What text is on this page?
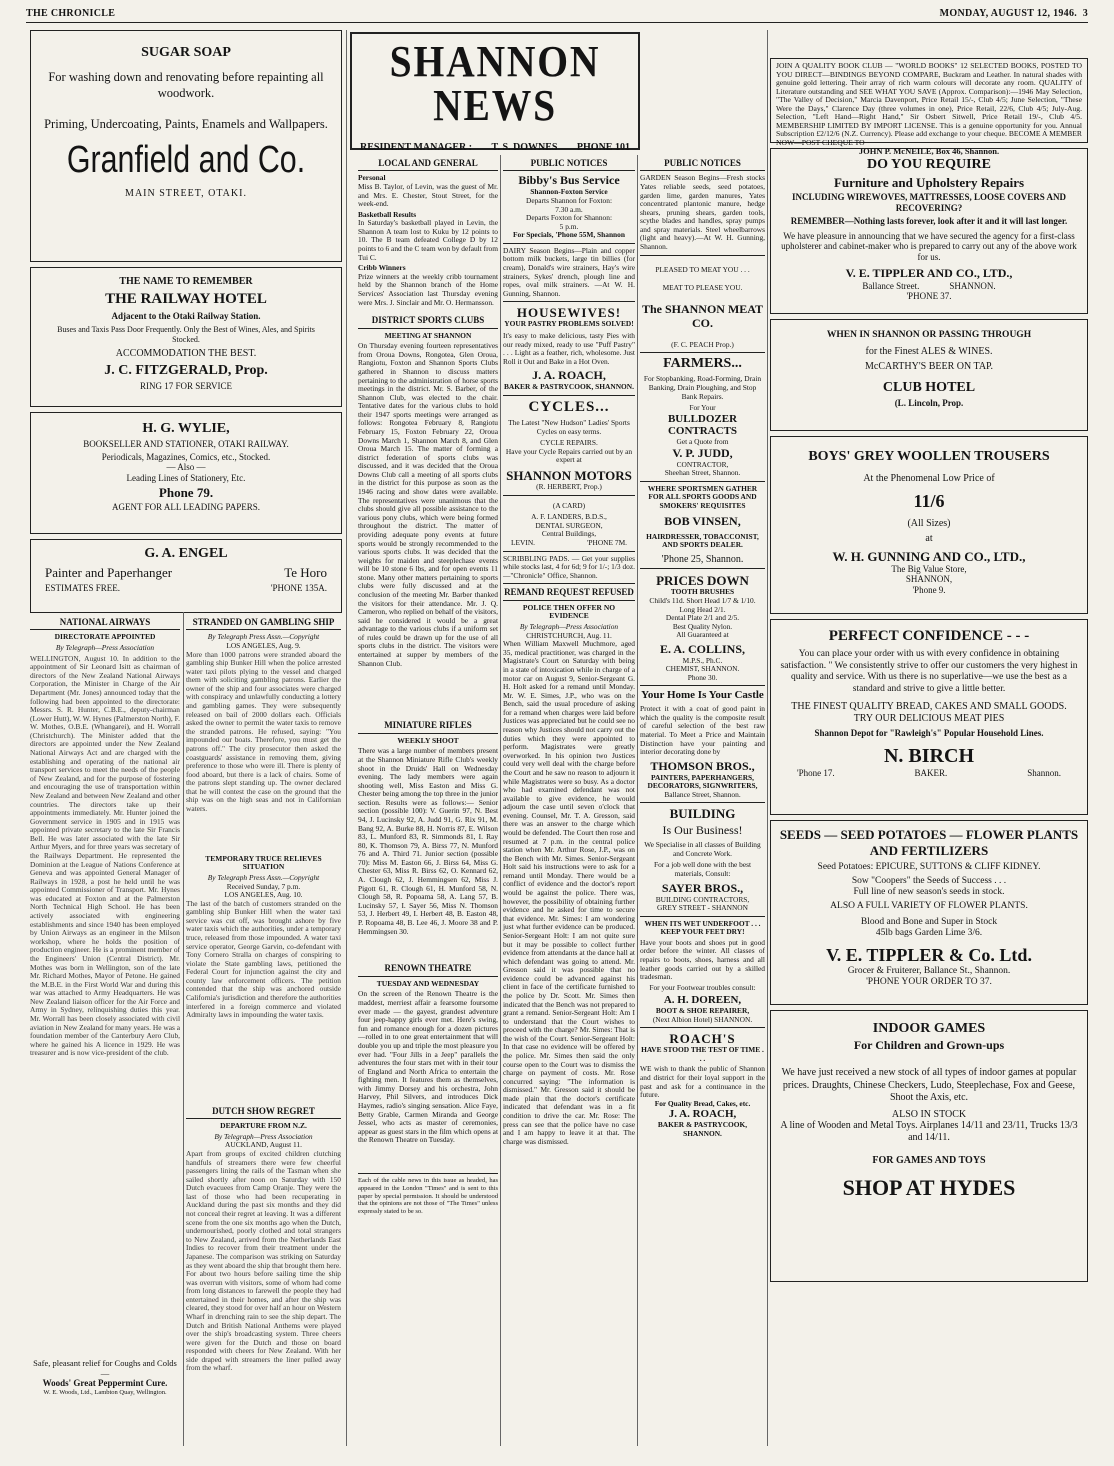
THE CHRONICLE	MONDAY, AUGUST 12, 1946. 3
SUGAR SOAP
For washing down and renovating before repainting all woodwork.
Priming, Undercoating, Paints, Enamels and Wallpapers.
Granfield and Co.
MAIN STREET, OTAKI.
THE NAME TO REMEMBER
THE RAILWAY HOTEL
Adjacent to the Otaki Railway Station.
Buses and Taxis Pass Door Frequently. Only the Best of Wines, Ales, and Spirits Stocked.
ACCOMMODATION THE BEST.
J. C. FITZGERALD, Prop.
RING 17 FOR SERVICE
H. G. WYLIE,
BOOKSELLER AND STATIONER, OTAKI RAILWAY.
Periodicals, Magazines, Comics, etc., Stocked.
— Also —
Leading Lines of Stationery, Etc.
Phone 79.
AGENT FOR ALL LEADING PAPERS.
G. A. ENGEL
Painter and Paperhanger	Te Horo
ESTIMATES FREE.	'PHONE 135A.
NATIONAL AIRWAYS
DIRECTORATE APPOINTED
By Telegraph—Press Association
WELLINGTON, August 10. In addition to the appointment of Sir Leonard Isitt as chairman of directors of the New Zealand National Airways Corporation, the Minister in Charge of the Air Department (Mr. Jones) announced today that the following had been appointed to the directorate: Messrs. S. R. Hunter, C.B.E., deputy-chairman (Lower Hutt), W. W. Hynes (Palmerston North), F. W. Mothes, O.B.E. (Whangarei), and H. Worrall (Christchurch). The Minister added that the directors are appointed under the New Zealand National Airways Act and are charged with the establishing and operating of the national air transport services to meet the needs of the people of New Zealand, and for the purpose of fostering and encouraging the use of transportation within New Zealand and between New Zealand and other countries. The directors take up their appointments immediately. Mr. Hunter joined the Government service in 1905 and in 1915 was appointed private secretary to the late Sir Francis Bell. He was later associated with the late Sir Arthur Myers, and for three years was secretary of the Railways Department. He represented the Dominion at the League of Nations Conference at Geneva and was appointed General Manager of Railways in 1928, a post he held until he was appointed Commissioner of Transport. Mr. Hynes was educated at Foxton and at the Palmerston North Technical High School. He has been actively associated with engineering establishments and since 1940 has been employed by Union Airways as an engineer in the Milson workshop, where he holds the position of production engineer. He is a prominent member of the Engineers' Union (Central District). Mr. Mothes was born in Wellington, son of the late Mr. Richard Mothes, Mayor of Petone. He gained the M.B.E. in the First World War and during this war was attached to Army Headquarters. He was New Zealand liaison officer for the Air Force and Army in Sydney, relinquishing duties this year. Mr. Worrall has been closely associated with civil aviation in New Zealand for many years. He was a foundation member of the Canterbury Aero Club, where he gained his A licence in 1929. He was treasurer and is now vice-president of the club.
Safe, pleasant relief for Coughs and Colds—
Woods' Great Peppermint Cure.
W. E. Woods, Ltd., Lambton Quay, Wellington.
STRANDED ON GAMBLING SHIP
By Telegraph Press Assn.—Copyright
LOS ANGELES, Aug. 9.
More than 1000 patrons were stranded aboard the gambling ship Bunker Hill when the police arrested water taxi pilots plying to the vessel and charged them with soliciting gambling patrons. Earlier the owner of the ship and four associates were charged with conspiracy and unlawfully conducting a lottery and gambling games. They were subsequently released on bail of 2000 dollars each. Officials asked the owner to permit the water taxis to remove the stranded patrons. He refused, saying: "You impounded our boats. Therefore, you must get the patrons off." The city prosecutor then asked the coastguards' assistance in removing them, giving preference to those who were ill. There is plenty of food aboard, but there is a lack of chairs. Some of the patrons slept standing up. The owner declared that he will contest the case on the ground that the ship was on the high seas and not in Californian waters.
TEMPORARY TRUCE RELIEVES SITUATION
By Telegraph Press Assn.—Copyright
Received Sunday, 7 p.m.
LOS ANGELES, Aug. 10.
The last of the batch of customers stranded on the gambling ship Bunker Hill when the water taxi service was cut off, was brought ashore by five water taxis which the authorities, under a temporary truce, released from those impounded. A water taxi service operator, George Garvin, co-defendant with Tony Cornero Stralla on charges of conspiring to violate the State gambling laws, petitioned the Federal Court for injunction against the city and county law enforcement officers. The petition contended that the ship was anchored outside California's jurisdiction and therefore the authorities interfered in a foreign commerce and violated Admiralty laws in impounding the water taxis.
DUTCH SHOW REGRET
DEPARTURE FROM N.Z.
By Telegraph—Press Association
AUCKLAND, August 11.
Apart from groups of excited children clutching handfuls of streamers there were few cheerful passengers lining the rails of the Tasman when she sailed shortly after noon on Saturday with 150 Dutch evacuees from Camp Oranje. They were the last of those who had been recuperating in Auckland during the past six months and they did not conceal their regret at leaving. It was a different scene from the one six months ago when the Dutch, undernourished, poorly clothed and total strangers to New Zealand, arrived from the Netherlands East Indies to recover from their treatment under the Japanese. The comparison was striking on Saturday as they went aboard the ship that brought them here. For about two hours before sailing time the ship was overrun with visitors, some of whom had come from long distances to farewell the people they had entertained in their homes, and after the ship was cleared, they stood for over half an hour on Western Wharf in drenching rain to see the ship depart. The Dutch and British National Anthems were played over the ship's broadcasting system. Three cheers were given for the Dutch and those on board responded with cheers for New Zealand. With her side draped with streamers the liner pulled away from the wharf.
SHANNON NEWS
RESIDENT MANAGER : T. S. DOWNES PHONE 101
LOCAL AND GENERAL
Personal
Miss B. Taylor, of Levin, was the guest of Mr. and Mrs. E. Chester, Stout Street, for the week-end.
Basketball Results
In Saturday's basketball played in Levin, the Shannon A team lost to Kuku by 12 points to 10. The B team defeated College D by 12 points to 6 and the C team won by default from Tui C.
Cribb Winners
Prize winners at the weekly cribb tournament held by the Shannon branch of the Home Services' Association last Thursday evening were Mrs. J. Sinclair and Mr. O. Hermansson.
DISTRICT SPORTS CLUBS
MEETING AT SHANNON
On Thursday evening fourteen representatives from Oroua Downs, Rongotea, Glen Oroua, Rangiotu, Foxton and Shannon Sports Clubs gathered in Shannon to discuss matters pertaining to the administration of horse sports meetings in the district. Mr. S. Barber, of the Shannon Club, was elected to the chair. Tentative dates for the various clubs to hold their 1947 sports meetings were arranged as follows: Rongotea February 8, Rangiotu February 15, Foxton February 22, Oroua Downs March 1, Shannon March 8, and Glen Oroua March 15. The matter of forming a district federation of sports clubs was discussed, and it was decided that the Oroua Downs Club call a meeting of all sports clubs in the district for this purpose as soon as the 1946 racing and show dates were available. The representatives were unanimous that the clubs should give all possible assistance to the various pony clubs, which were being formed throughout the district. The matter of providing adequate pony events at future sports would be strongly recommended to the various sports clubs. It was decided that the weights for maiden and steeplechase events will be 10 stone 6 lbs, and for open events 11 stone. Many other matters pertaining to sports clubs were fully discussed and at the conclusion of the meeting Mr. Barber thanked the visitors for their attendance. Mr. J. Q. Cameron, who replied on behalf of the visitors, said he considered it would be a great advantage to the various clubs if a uniform set of rules could be drawn up for the use of all sports clubs in the district. The visitors were entertained at supper by members of the Shannon Club.
MINIATURE RIFLES
WEEKLY SHOOT
There was a large number of members present at the Shannon Miniature Rifle Club's weekly shoot in the Druids' Hall on Wednesday evening. The lady members were again shooting well, Miss Easton and Miss G. Chester being among the top three in the junior section. Results were as follows:— Senior section (possible 100): V. Guerin 97, N. Best 94, J. Lucinsky 92, A. Judd 91, G. Rix 91, M. Bang 92, A. Burke 88, H. Norris 87, E. Wilson 83, L. Munford 83, R. Simmonds 81, I. Ray 80, K. Thomson 79, A. Birss 77, N. Munford 76 and A. Third 71. Junior section (possible 70): Miss M. Easton 66, J. Birss 64, Miss G. Chester 63, Miss R. Birss 62, O. Kennard 62, A. Clough 62, J. Hemmingsen 62, Miss J. Pigott 61, R. Clough 61, H. Munford 58, N. Clough 58, R. Popoama 58, A. Lang 57, B. Lucinsky 57, I. Sayer 56, Miss N. Thomson 53, J. Herbert 49, I. Herbert 48, B. Easton 48, P. Ropoama 48, B. Lee 46, J. Moore 38 and P. Hemmingsen 30.
RENOWN THEATRE
TUESDAY AND WEDNESDAY
On the screen of the Renown Theatre is the maddest, merriest affair a fearsome foursome ever made — the gayest, grandest adventure four jeep-happy girls ever met. Here's swing, fun and romance enough for a dozen pictures—rolled in to one great entertainment that will double you up and triple the most pleasure you ever had. "Four Jills in a Jeep" parallels the adventures the four stars met with in their tour of England and North Africa to entertain the fighting men. It features them as themselves, with Jimmy Dorsey and his orchestra, John Harvey, Phil Silvers, and introduces Dick Haymes, radio's singing sensation. Alice Faye, Betty Grable, Carmen Miranda and George Jessel, who acts as master of ceremonies, appear as guest stars in the film which opens at the Renown Theatre on Tuesday.
Each of the cable news in this issue as headed, has appeared in the London "Times" and is sent to this paper by special permission. It should be understood that the opinions are not those of "The Times" unless expressly stated to be so.
PUBLIC NOTICES
Bibby's Bus Service
Shannon-Foxton Service
Departs Shannon for Foxton:
7.30 a.m.
Departs Foxton for Shannon:
5 p.m.
For Specials, 'Phone 55M, Shannon
DAIRY Season Begins—Plain and copper bottom milk buckets, large tin billies (for cream), Donald's wire strainers, Hay's wire strainers, Sykes' drench, plough line and ropes, oval milk strainers. —At W. H. Gunning, Shannon.
HOUSEWIVES!
YOUR PASTRY PROBLEMS SOLVED!
It's easy to make delicious, tasty Pies with our ready mixed, ready to use "Puff Pastry" . . . Light as a feather, rich, wholesome. Just Roll it Out and Bake in a Hot Oven.
J. A. ROACH,
BAKER & PASTRYCOOK, SHANNON.
CYCLES...
The Latest "New Hudson" Ladies' Sports Cycles on easy terms.
CYCLE REPAIRS.
Have your Cycle Repairs carried out by an expert at
SHANNON MOTORS
(R. HERBERT, Prop.)
(A CARD)
A. F. LANDERS, B.D.S.,
DENTAL SURGEON,
Central Buildings,
LEVIN.	'PHONE 7M.
SCRIBBLING PADS. — Get your supplies while stocks last, 4 for 6d; 9 for 1/-; 1/3 doz.—"Chronicle" Office, Shannon.
REMAND REQUEST REFUSED
POLICE THEN OFFER NO EVIDENCE
By Telegraph—Press Association
CHRISTCHURCH, Aug. 11.
When William Maxwell Muchmore, aged 35, medical practitioner, was charged in the Magistrate's Court on Saturday with being in a state of intoxication while in charge of a motor car on August 9, Senior-Sergeant G. H. Holt asked for a remand until Monday. Mr. W. E. Simes, J.P., who was on the Bench, said the usual procedure of asking for a remand when charges were laid before Justices was appreciated but he could see no reason why Justices should not carry out the duties which they were appointed to perform. Magistrates were greatly overworked. In his opinion two Justices could very well deal with the charge before the Court and he saw no reason to adjourn it while Magistrates were so busy. As a doctor who had examined defendant was not available to give evidence, he would adjourn the case until seven o'clock that evening. Counsel, Mr. T. A. Gresson, said there was an answer to the charge which would be defended. The Court then rose and resumed at 7 p.m. in the central police station when Mr. Arthur Rose, J.P., was on the Bench with Mr. Simes. Senior-Sergeant Holt said his instructions were to ask for a remand until Monday. There would be a conflict of evidence and the doctor's report would be against the police. There was, however, the possibility of obtaining further evidence and he asked for time to secure that evidence. Mr. Simes: I am wondering just what further evidence can be produced. Senior-Sergeant Holt: I am not quite sure but it may be possible to collect further evidence from attendants at the dance hall at which defendant was going to attend. Mr. Gresson said it was possible that no evidence could be advanced against his client in face of the certificate furnished to the police by Dr. Scott. Mr. Simes then indicated that the Bench was not prepared to grant a remand. Senior-Sergeant Holt: Am I to understand that the Court wishes to proceed with the charge? Mr. Simes: That is the wish of the Court. Senior-Sergeant Holt: In that case no evidence will be offered by the police. Mr. Simes then said the only course open to the Court was to dismiss the charge on payment of costs. Mr. Rose concurred saying: "The information is dismissed." Mr. Gresson said it should be made plain that the doctor's certificate indicated that defendant was in a fit condition to drive the car. Mr. Rose: The press can see that the police have no case and I am happy to leave it at that. The charge was dismissed.
PUBLIC NOTICES
GARDEN Season Begins—Fresh stocks Yates reliable seeds, seed potatoes, garden lime, garden manures, Yates concentrated plantonic manure, hedge shears, pruning shears, garden tools, scythe blades and handles, spray pumps and spray materials. Steel wheelbarrows (light and heavy).—At W. H. Gunning, Shannon.
PLEASED TO MEAT YOU . . .
MEAT TO PLEASE YOU.
The SHANNON MEAT CO.
(F. C. PEACH Prop.)
FARMERS...
For Stopbanking, Road-Forming, Drain Banking, Drain Ploughing, and Stop Bank Repairs.
For Your
BULLDOZER CONTRACTS
Get a Quote from
V. P. JUDD,
CONTRACTOR,
Sheehan Street, Shannon.
WHERE SPORTSMEN GATHER FOR ALL SPORTS GOODS AND SMOKERS' REQUISITES
BOB VINSEN,
HAIRDRESSER, TOBACCONIST, AND SPORTS DEALER.
'Phone 25, Shannon.
PRICES DOWN
TOOTH BRUSHES
Child's 11d. Short Head 1/7 & 1/10.
Long Head 2/1.
Dental Plate 2/1 and 2/5.
Best Quality Nylon.
All Guaranteed at
E. A. COLLINS,
M.P.S., Ph.C.
CHEMIST, SHANNON.
Phone 30.
Your Home Is Your Castle
Protect it with a coat of good paint in which the quality is the composite result of careful selection of the best raw material. To Meet a Price and Maintain Distinction have your painting and interior decorating done by
THOMSON BROS.,
PAINTERS, PAPERHANGERS, DECORATORS, SIGNWRITERS,
Ballance Street, Shannon.
BUILDING
Is Our Business!
We Specialise in all classes of Building and Concrete Work.
For a job well done with the best materials, Consult:
SAYER BROS.,
BUILDING CONTRACTORS,
GREY STREET - SHANNON
WHEN ITS WET UNDERFOOT . . . KEEP YOUR FEET DRY!
Have your boots and shoes put in good order before the winter. All classes of repairs to boots, shoes, harness and all leather goods carried out by a skilled tradesman.
For your Footwear troubles consult:
A. H. DOREEN,
BOOT & SHOE REPAIRER,
(Next Albion Hotel) SHANNON.
ROACH'S
HAVE STOOD THE TEST OF TIME . . .
WE wish to thank the public of Shannon and district for their loyal support in the past and ask for a continuance in the future.
For Quality Bread, Cakes, etc.
J. A. ROACH,
BAKER & PASTRYCOOK, SHANNON.
JOIN A QUALITY BOOK CLUB — "WORLD BOOKS" 12 SELECTED BOOKS, POSTED TO YOU DIRECT—BINDINGS BEYOND COMPARE, Buckram and Leather. In natural shades with genuine gold lettering. Their array of rich warm colours will decorate any room. QUALITY of Literature outstanding and SEE WHAT YOU SAVE (Approx. Comparison):—1946 May Selection, "The Valley of Decision," Marcia Davenport, Price Retail 15/-, Club 4/5; June Selection, "These Were the Days," Clarence Day (three volumes in one), Price Retail, 22/6, Club 4/5; July-Aug. Selection, "Left Hand—Right Hand," Sir Osbert Sitwell, Price Retail 19/-, Club 4/5. MEMBERSHIP LIMITED BY IMPORT LICENSE. This is a genuine opportunity for you. Annual Subscription £2/12/6 (N.Z. Currency). Please add exchange to your cheque. BECOME A MEMBER NOW—POST CHEQUE TO
JOHN P. McNEILE, Box 46, Shannon.
DO YOU REQUIRE
Furniture and Upholstery Repairs
INCLUDING WIREWOVES, MATTRESSES, LOOSE COVERS AND RECOVERING?
REMEMBER—Nothing lasts forever, look after it and it will last longer.
We have pleasure in announcing that we have secured the agency for a first-class upholsterer and cabinet-maker who is prepared to carry out any of the above work for us.
V. E. TIPPLER AND CO., LTD.,
Ballance Street.	SHANNON.
'PHONE 37.
WHEN IN SHANNON OR PASSING THROUGH
for the Finest ALES & WINES.
McCARTHY'S BEER ON TAP.
CLUB HOTEL
(L. Lincoln, Prop.
BOYS' GREY WOOLLEN TROUSERS
At the Phenomenal Low Price of
11/6
(All Sizes)
at
W. H. GUNNING AND CO., LTD.,
The Big Value Store,
SHANNON,
'Phone 9.
PERFECT CONFIDENCE - - -
You can place your order with us with every confidence in obtaining satisfaction. " We consistently strive to offer our customers the very highest in quality and service. With us there is no superlative—we use the best as a standard and strive to give a little better.
THE FINEST QUALITY BREAD, CAKES AND SMALL GOODS.
TRY OUR DELICIOUS MEAT PIES
Shannon Depot for "Rawleigh's" Popular Household Lines.
N. BIRCH
'Phone 17.	BAKER.	Shannon.
SEEDS — SEED POTATOES — FLOWER PLANTS AND FERTILIZERS
Seed Potatoes: EPICURE, SUTTONS & CLIFF KIDNEY.
Sow "Coopers" the Seeds of Success . . .
Full line of new season's seeds in stock.
ALSO A FULL VARIETY OF FLOWER PLANTS.
Blood and Bone and Super in Stock
45lb bags Garden Lime 3/6.
V. E. TIPPLER & Co. Ltd.
Grocer & Fruiterer, Ballance St., Shannon.
'PHONE YOUR ORDER TO 37.
INDOOR GAMES
For Children and Grown-ups
We have just received a new stock of all types of indoor games at popular prices. Draughts, Chinese Checkers, Ludo, Steeplechase, Fox and Geese, Shoot the Axis, etc.
ALSO IN STOCK
A line of Wooden and Metal Toys. Airplanes 14/11 and 23/11, Trucks 13/3 and 14/11.
FOR GAMES AND TOYS
SHOP AT HYDES
